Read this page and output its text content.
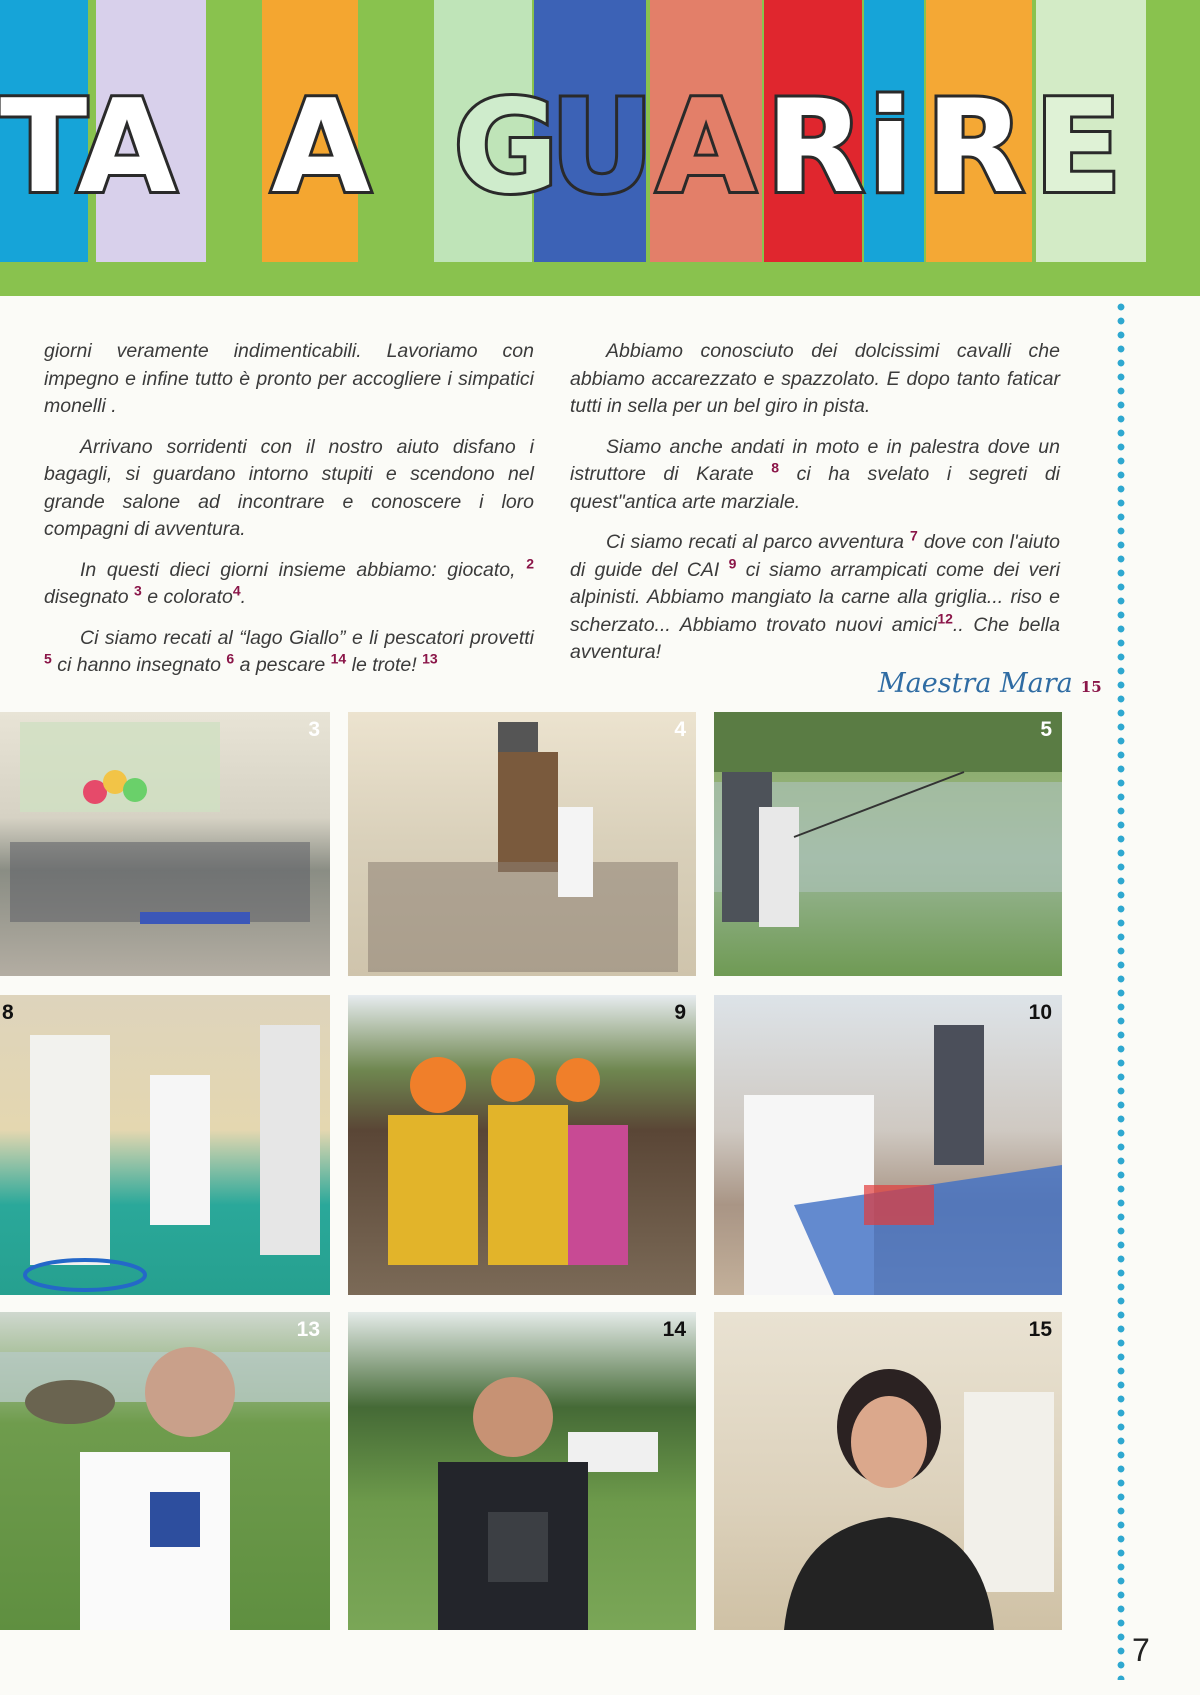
TA A G
U A R i R E

giorni veramente indimenticabili. Lavoriamo con impegno e infine tutto è pronto per accogliere i simpatici monelli .

Arrivano sorridenti con il nostro aiuto disfano i bagagli, si guardano intorno stupiti e scendono nel grande salone ad incontrare e conoscere i loro compagni di avventura.

In questi dieci giorni insieme abbiamo: giocato, $^2$ disegnato $^3$ e colorato$^4$.

Ci siamo recati al “lago Giallo” e li pescatori provetti $^5$ ci hanno insegnato $^6$ a pescare $^{14}$ le trote! $^{13}$

Abbiamo conosciuto dei dolcissimi cavalli che abbiamo accarezzato e spazzolato. E dopo tanto faticar tutti in sella per un bel giro in pista.

Siamo anche andati in moto e in palestra dove un istruttore di Karate $^8$ ci ha svelato i segreti di quest"antica arte marziale.

Ci siamo recati al parco avventura $^7$ dove con l'aiuto di guide del CAI $^9$ ci siamo arrampicati come dei veri alpinisti. Abbiamo mangiato la carne alla griglia... riso e scherzato... Abbiamo trovato nuovi amici$^{12}$.. Che bella avventura!

Maestra Mara 15
3	4	5
8	9	10
13	14	15
7
